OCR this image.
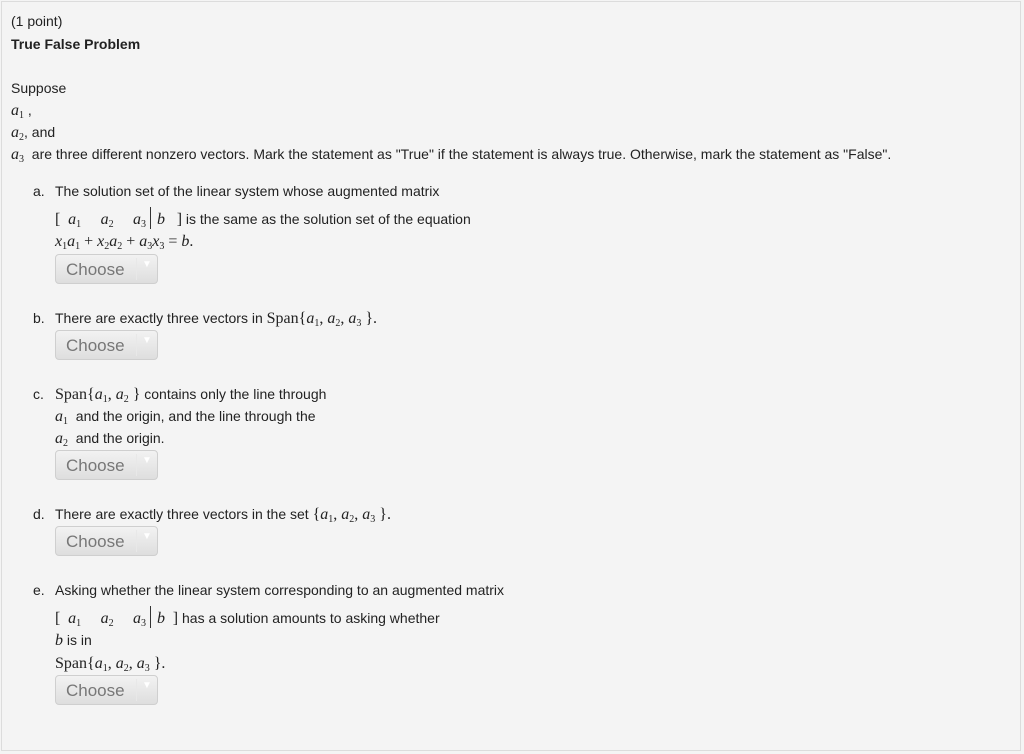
(1 point)
True False Problem
Suppose
$a_1$ ,
$a_2$, and
$a_3$ are three different nonzero vectors. Mark the statement as "True" if the statement is always true. Otherwise, mark the statement as "False".
a. The solution set of the linear system whose augmented matrix
[ $a_1$ $a_2$ $a_3$ b ] is the same as the solution set of the equation
$x_1a_1 + x_2a_2 + a_3x_3 = b$.
Choose ▼
b. There are exactly three vectors in $Span\{a_1$, $a_2$, $a_3$ }.
Choose ▼
c. $Span\{a_1$, $a_2$ } contains only the line through
$a_1$ and the origin, and the line through the
$a_2$ and the origin.
Choose ▼
d. There are exactly three vectors in the set {$a_1$, $a_2$, $a_3$ }.
Choose ▼
e. Asking whether the linear system corresponding to an augmented matrix
[ $a_1$ $a_2$ $a_3$ b ] has a solution amounts to asking whether
b is in
$Span\{a_1$, $a_2$, $a_3$ }.
Choose ▼
